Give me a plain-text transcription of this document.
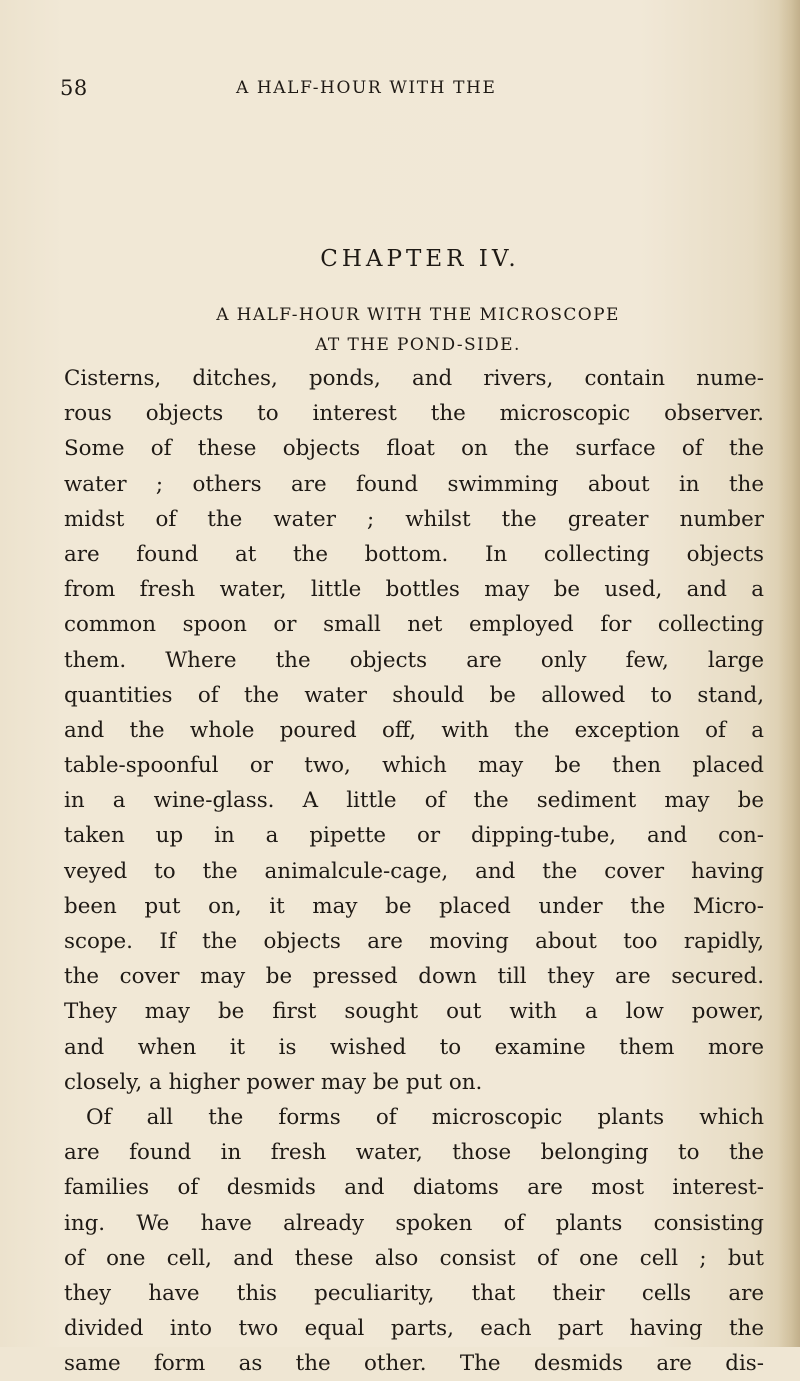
58	A HALF-HOUR WITH THE
CHAPTER IV.
A HALF-HOUR WITH THE MICROSCOPE
AT THE POND-SIDE.
Cisterns, ditches, ponds, and rivers, contain nume-
rous objects to interest the microscopic observer.
Some of these objects float on the surface of the
water ; others are found swimming about in the
midst of the water ; whilst the greater number
are found at the bottom. In collecting objects
from fresh water, little bottles may be used, and a
common spoon or small net employed for collecting
them. Where the objects are only few, large
quantities of the water should be allowed to stand,
and the whole poured off, with the exception of a
table-spoonful or two, which may be then placed
in a wine-glass. A little of the sediment may be
taken up in a pipette or dipping-tube, and con-
veyed to the animalcule-cage, and the cover having
been put on, it may be placed under the Micro-
scope. If the objects are moving about too rapidly,
the cover may be pressed down till they are secured.
They may be first sought out with a low power,
and when it is wished to examine them more
closely, a higher power may be put on.
Of all the forms of microscopic plants which
are found in fresh water, those belonging to the
families of desmids and diatoms are most interest-
ing. We have already spoken of plants consisting
of one cell, and these also consist of one cell ; but
they have this peculiarity, that their cells are
divided into two equal parts, each part having the
same form as the other. The desmids are dis-
